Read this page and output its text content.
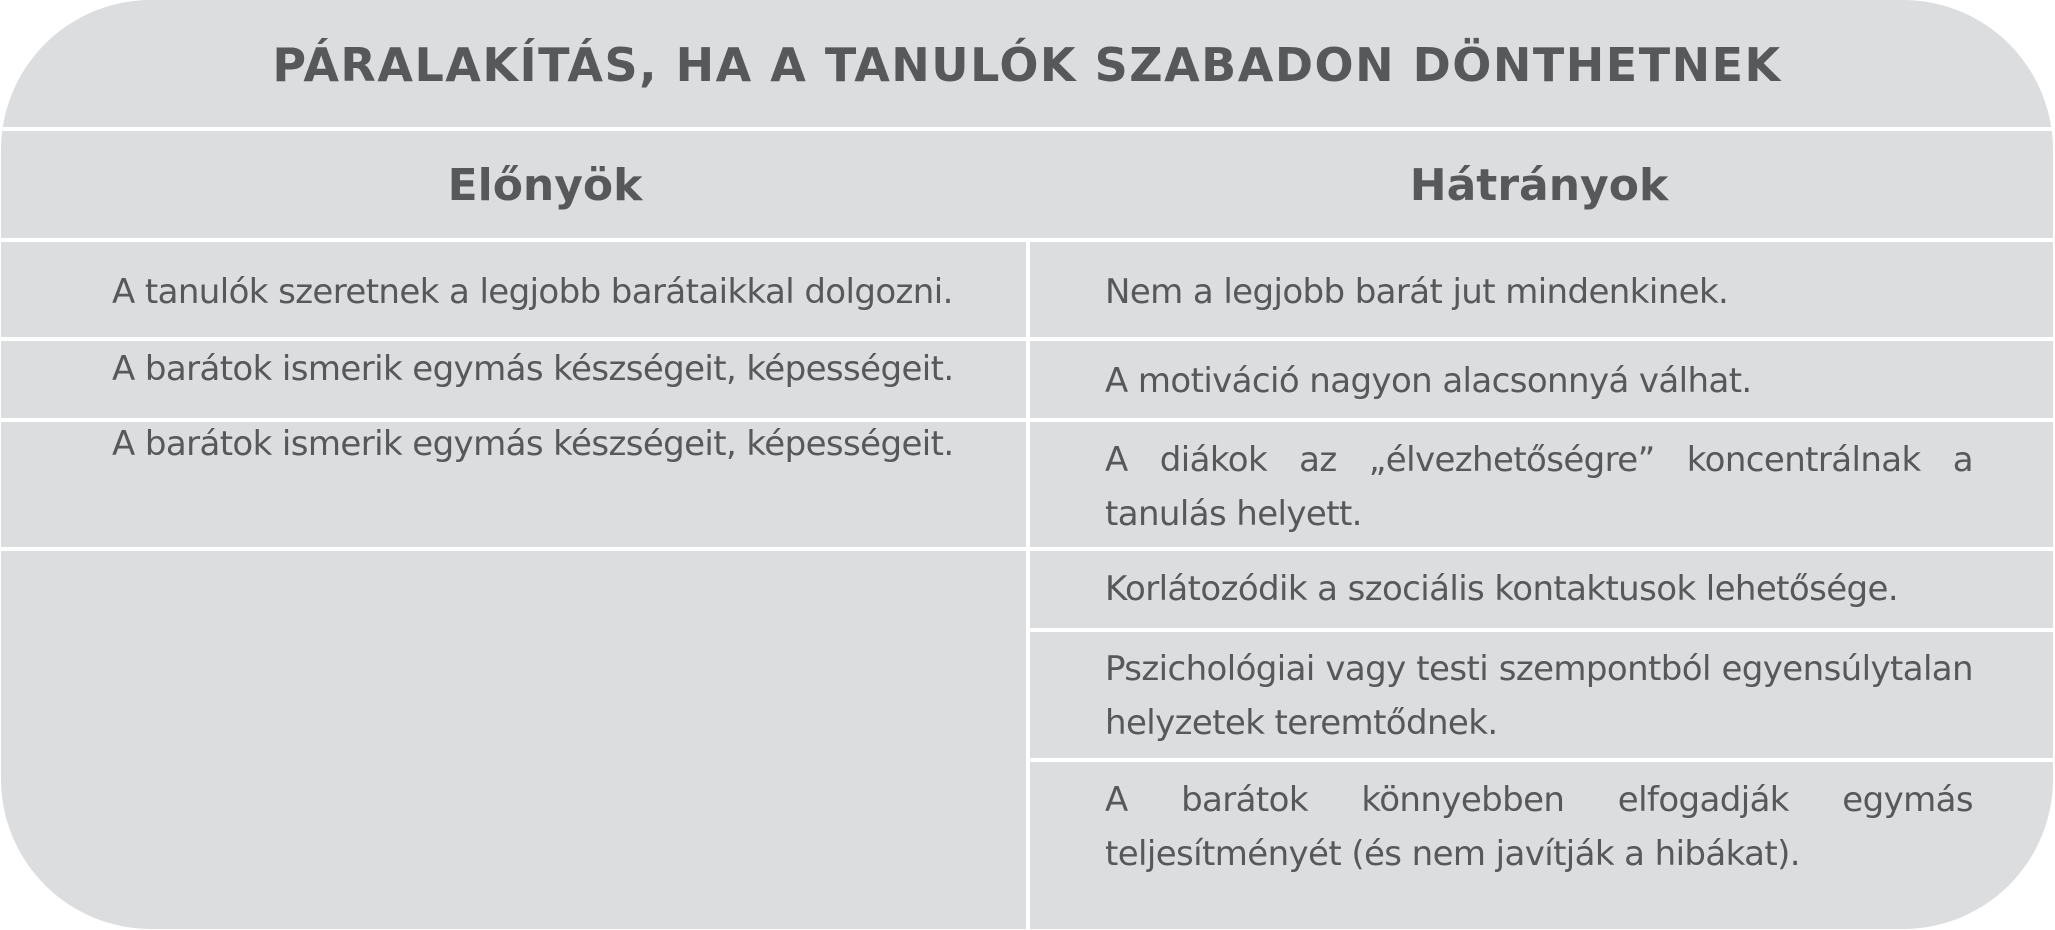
PÁRALAKÍTÁS, HA A TANULÓK SZABADON DÖNTHETNEK
Előnyök	Hátrányok
A tanulók szeretnek a legjobb barátaikkal dolgozni.
A barátok ismerik egymás készségeit, képességeit.
A barátok ismerik egymás készségeit, képességeit.
Nem a legjobb barát jut mindenkinek.
A motiváció nagyon alacsonnyá válhat.
A diákok az „élvezhetőségre” koncentrálnak a tanulás helyett.
Korlátozódik a szociális kontaktusok lehetősége.
Pszichológiai vagy testi szempontból egyensúlytalan helyzetek teremtődnek.
A barátok könnyebben elfogadják egymás teljesítményét (és nem javítják a hibákat).
